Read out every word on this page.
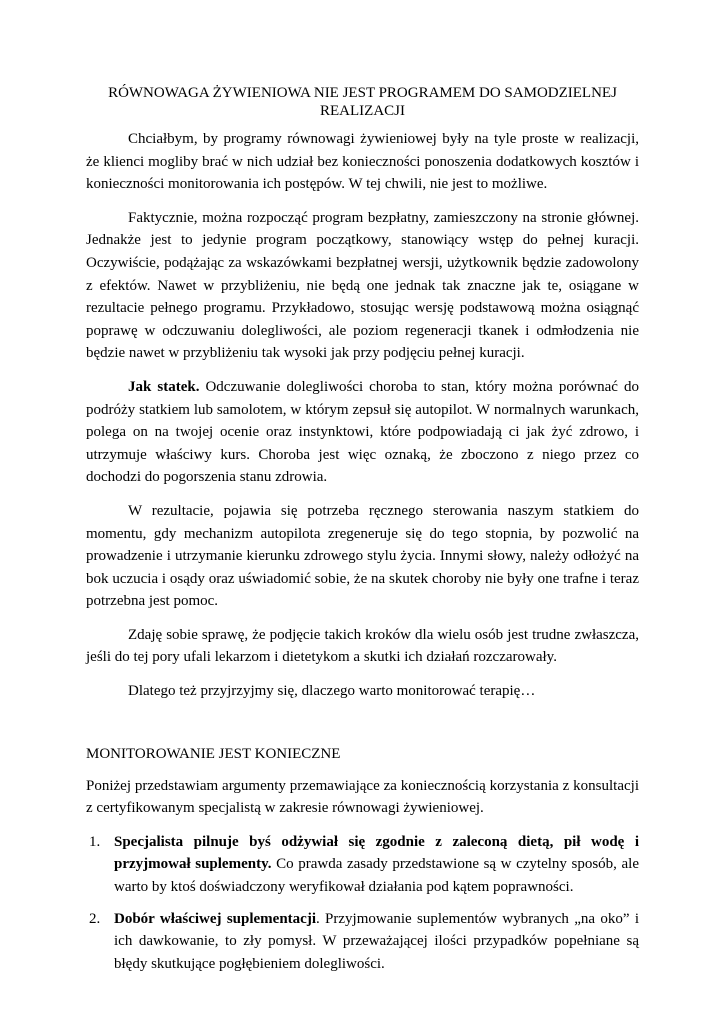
RÓWNOWAGA ŻYWIENIOWA NIE JEST PROGRAMEM DO SAMODZIELNEJ
REALIZACJI

Chciałbym, by programy równowagi żywieniowej były na tyle proste w realizacji, że klienci mogliby brać w nich udział bez konieczności ponoszenia dodatkowych kosztów i konieczności monitorowania ich postępów. W tej chwili, nie jest to możliwe.

Faktycznie, można rozpocząć program bezpłatny, zamieszczony na stronie głównej. Jednakże jest to jedynie program początkowy, stanowiący wstęp do pełnej kuracji. Oczywiście, podążając za wskazówkami bezpłatnej wersji, użytkownik będzie zadowolony z efektów. Nawet w przybliżeniu, nie będą one jednak tak znaczne jak te, osiągane w rezultacie pełnego programu. Przykładowo, stosując wersję podstawową można osiągnąć poprawę w odczuwaniu dolegliwości, ale poziom regeneracji tkanek i odmłodzenia nie będzie nawet w przybliżeniu tak wysoki jak przy podjęciu pełnej kuracji.

Jak statek. Odczuwanie dolegliwości choroba to stan, który można porównać do podróży statkiem lub samolotem, w którym zepsuł się autopilot. W normalnych warunkach, polega on na twojej ocenie oraz instynktowi, które podpowiadają ci jak żyć zdrowo, i utrzymuje właściwy kurs. Choroba jest więc oznaką, że zboczono z niego przez co dochodzi do pogorszenia stanu zdrowia.

W rezultacie, pojawia się potrzeba ręcznego sterowania naszym statkiem do momentu, gdy mechanizm autopilota zregeneruje się do tego stopnia, by pozwolić na prowadzenie i utrzymanie kierunku zdrowego stylu życia. Innymi słowy, należy odłożyć na bok uczucia i osądy oraz uświadomić sobie, że na skutek choroby nie były one trafne i teraz potrzebna jest pomoc.

Zdaję sobie sprawę, że podjęcie takich kroków dla wielu osób jest trudne zwłaszcza, jeśli do tej pory ufali lekarzom i dietetykom a skutki ich działań rozczarowały.

Dlatego też przyjrzyjmy się, dlaczego warto monitorować terapię…

MONITOROWANIE JEST KONIECZNE

Poniżej przedstawiam argumenty przemawiające za koniecznością korzystania z konsultacji z certyfikowanym specjalistą w zakresie równowagi żywieniowej.

1. Specjalista pilnuje byś odżywiał się zgodnie z zaleconą dietą, pił wodę i przyjmował suplementy. Co prawda zasady przedstawione są w czytelny sposób, ale warto by ktoś doświadczony weryfikował działania pod kątem poprawności.
2. Dobór właściwej suplementacji. Przyjmowanie suplementów wybranych „na oko” i ich dawkowanie, to zły pomysł. W przeważającej ilości przypadków popełniane są błędy skutkujące pogłębieniem dolegliwości.
